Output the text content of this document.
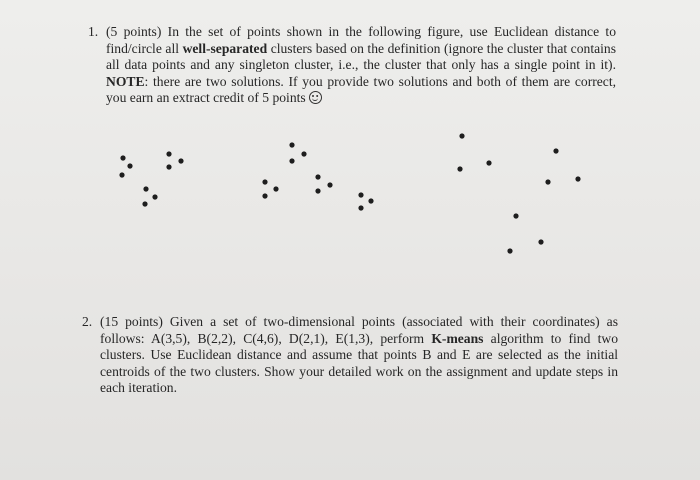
1. (5 points) In the set of points shown in the following figure, use Euclidean distance to find/circle all well-separated clusters based on the definition (ignore the cluster that contains all data points and any singleton cluster, i.e., the cluster that only has a single point in it). NOTE: there are two solutions. If you provide two solutions and both of them are correct, you earn an extract credit of 5 points
2. (15 points) Given a set of two-dimensional points (associated with their coordinates) as follows: A(3,5), B(2,2), C(4,6), D(2,1), E(1,3), perform K-means algorithm to find two clusters. Use Euclidean distance and assume that points B and E are selected as the initial centroids of the two clusters. Show your detailed work on the assignment and update steps in each iteration.
